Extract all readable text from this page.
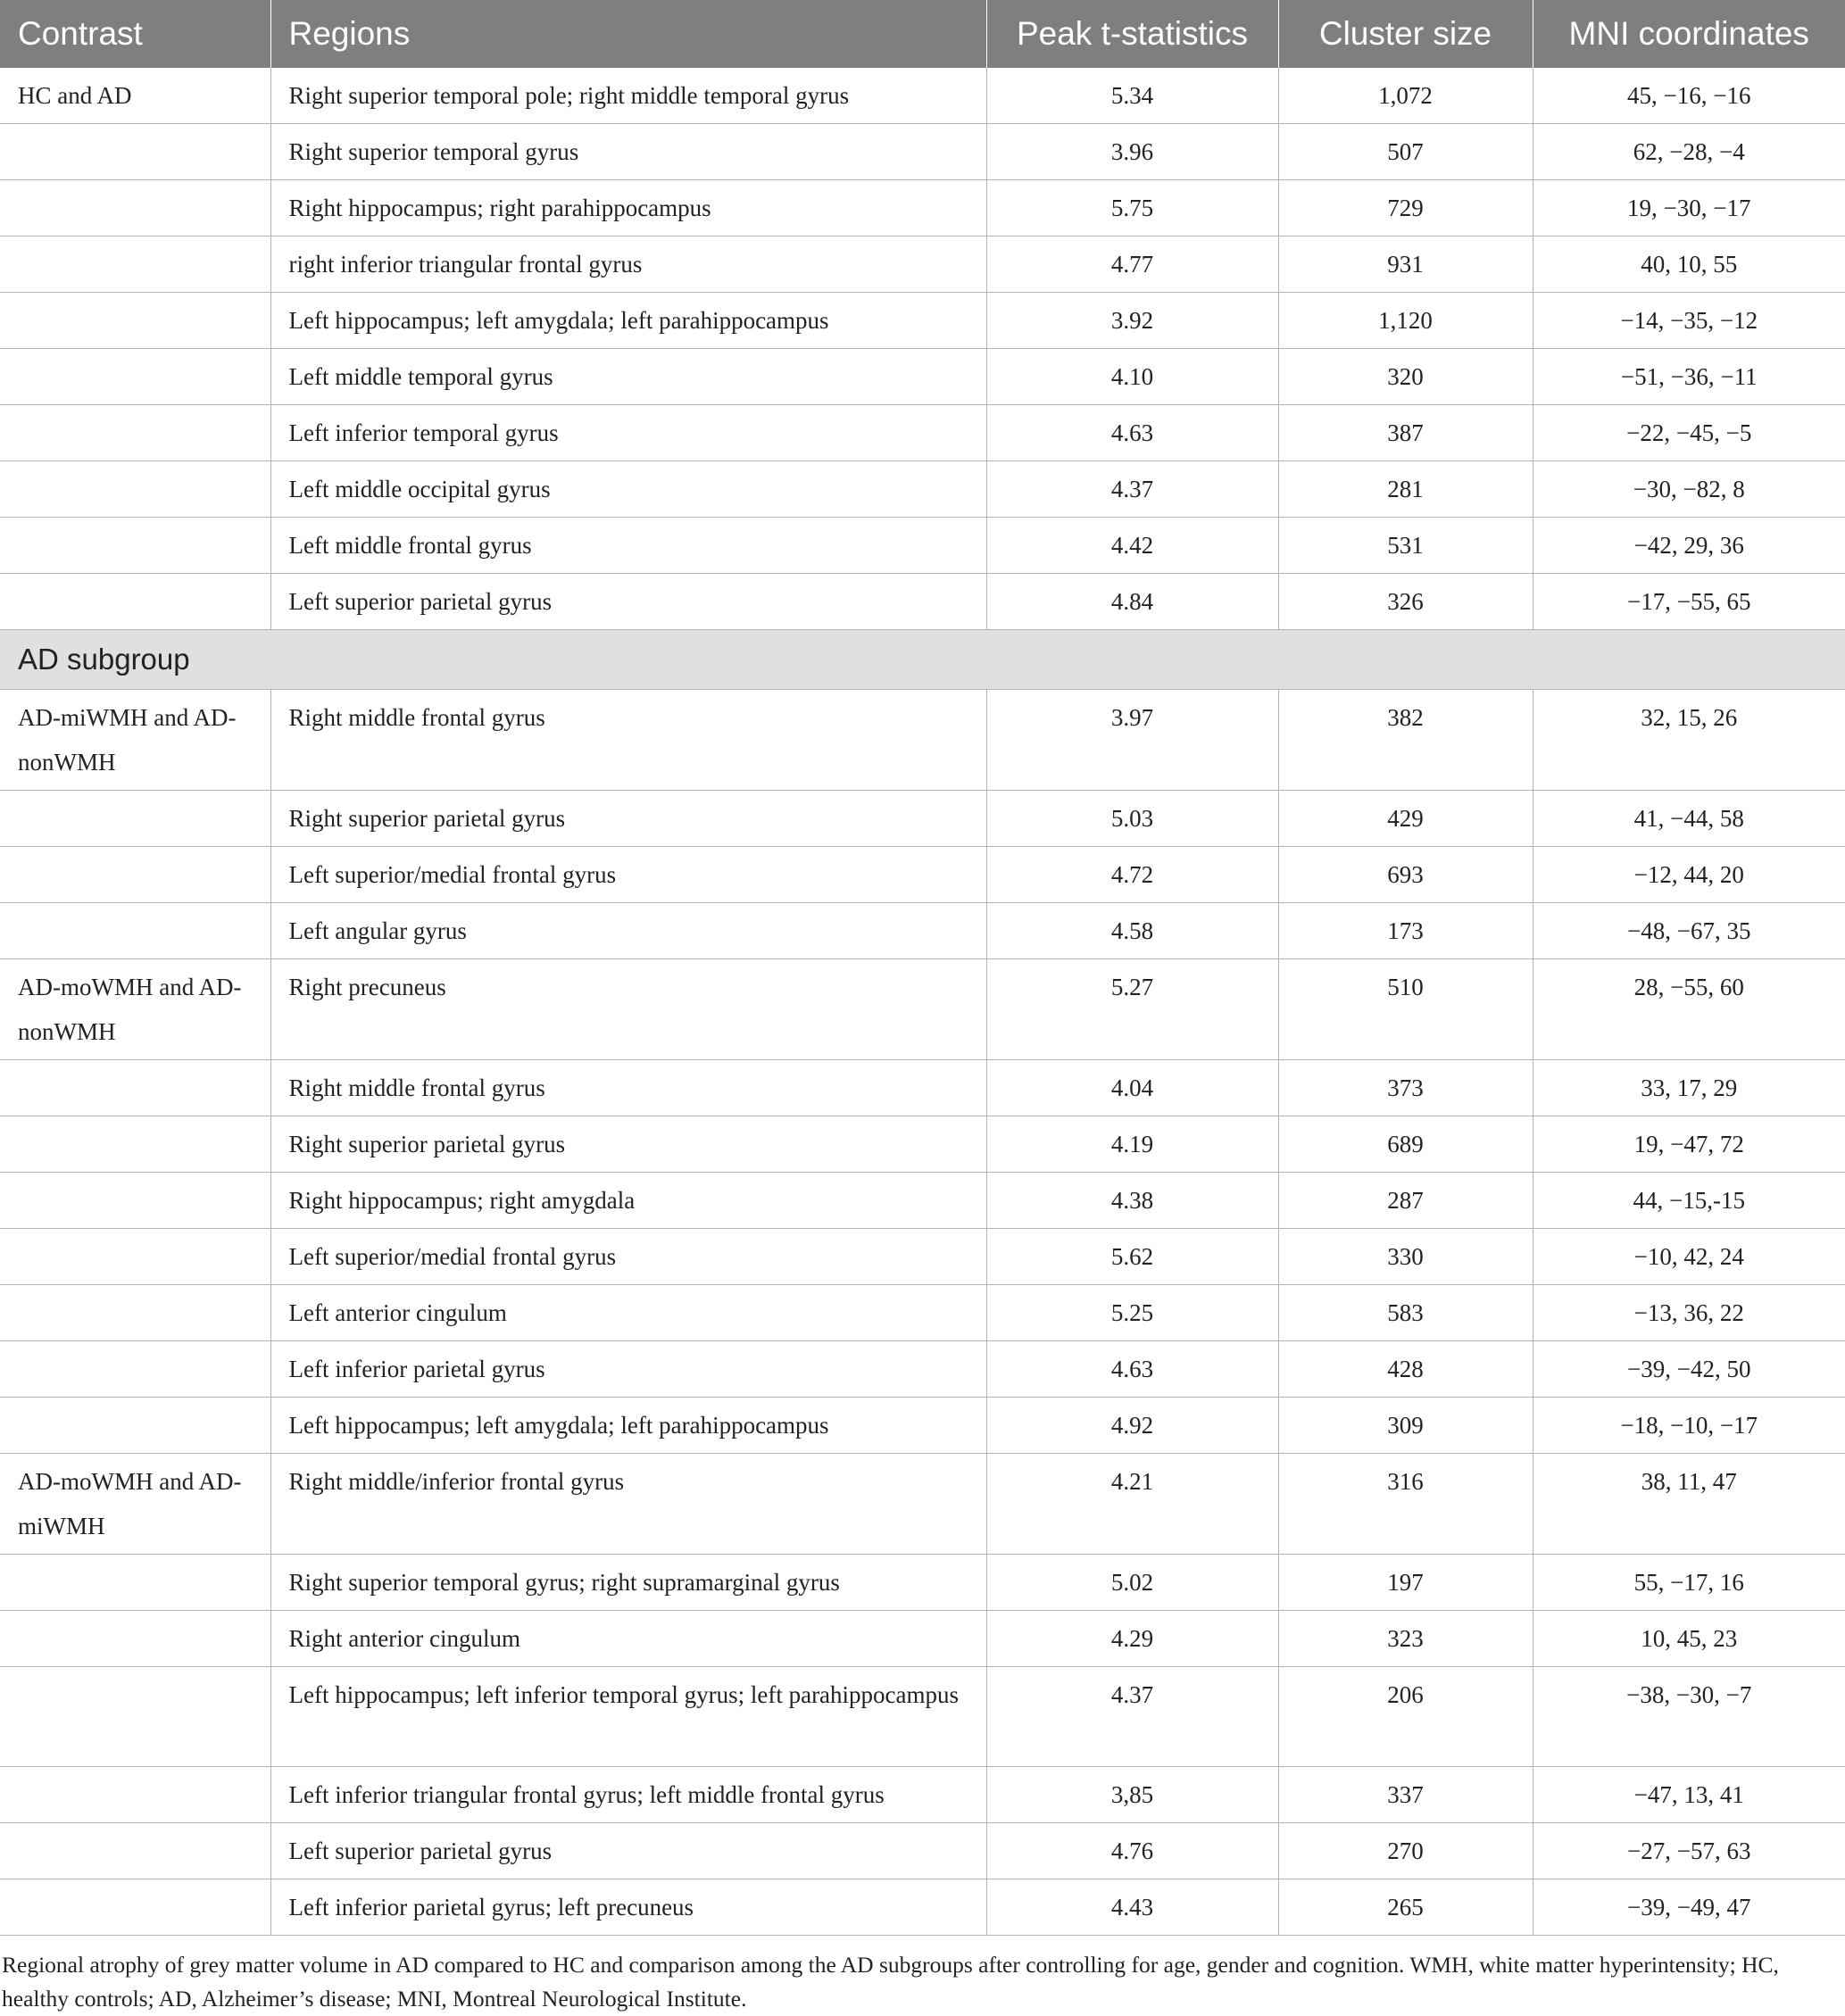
Contrast	Regions	Peak t-statistics	Cluster size	MNI coordinates
HC and AD	Right superior temporal pole; right middle temporal gyrus	5.34	1,072	45, −16, −16
	Right superior temporal gyrus	3.96	507	62, −28, −4
	Right hippocampus; right parahippocampus	5.75	729	19, −30, −17
	right inferior triangular frontal gyrus	4.77	931	40, 10, 55
	Left hippocampus; left amygdala; left parahippocampus	3.92	1,120	−14, −35, −12
	Left middle temporal gyrus	4.10	320	−51, −36, −11
	Left inferior temporal gyrus	4.63	387	−22, −45, −5
	Left middle occipital gyrus	4.37	281	−30, −82, 8
	Left middle frontal gyrus	4.42	531	−42, 29, 36
	Left superior parietal gyrus	4.84	326	−17, −55, 65
AD subgroup				
AD-miWMH and AD-nonWMH	Right middle frontal gyrus	3.97	382	32, 15, 26
	Right superior parietal gyrus	5.03	429	41, −44, 58
	Left superior/medial frontal gyrus	4.72	693	−12, 44, 20
	Left angular gyrus	4.58	173	−48, −67, 35
AD-moWMH and AD-nonWMH	Right precuneus	5.27	510	28, −55, 60
	Right middle frontal gyrus	4.04	373	33, 17, 29
	Right superior parietal gyrus	4.19	689	19, −47, 72
	Right hippocampus; right amygdala	4.38	287	44, −15,-15
	Left superior/medial frontal gyrus	5.62	330	−10, 42, 24
	Left anterior cingulum	5.25	583	−13, 36, 22
	Left inferior parietal gyrus	4.63	428	−39, −42, 50
	Left hippocampus; left amygdala; left parahippocampus	4.92	309	−18, −10, −17
AD-moWMH and AD-miWMH	Right middle/inferior frontal gyrus	4.21	316	38, 11, 47
	Right superior temporal gyrus; right supramarginal gyrus	5.02	197	55, −17, 16
	Right anterior cingulum	4.29	323	10, 45, 23
	Left hippocampus; left inferior temporal gyrus; left parahippocampus	4.37	206	−38, −30, −7
	Left inferior triangular frontal gyrus; left middle frontal gyrus	3,85	337	−47, 13, 41
	Left superior parietal gyrus	4.76	270	−27, −57, 63
	Left inferior parietal gyrus; left precuneus	4.43	265	−39, −49, 47

Regional atrophy of grey matter volume in AD compared to HC and comparison among the AD subgroups after controlling for age, gender and cognition. WMH, white matter hyperintensity; HC, healthy controls; AD, Alzheimer’s disease; MNI, Montreal Neurological Institute.
